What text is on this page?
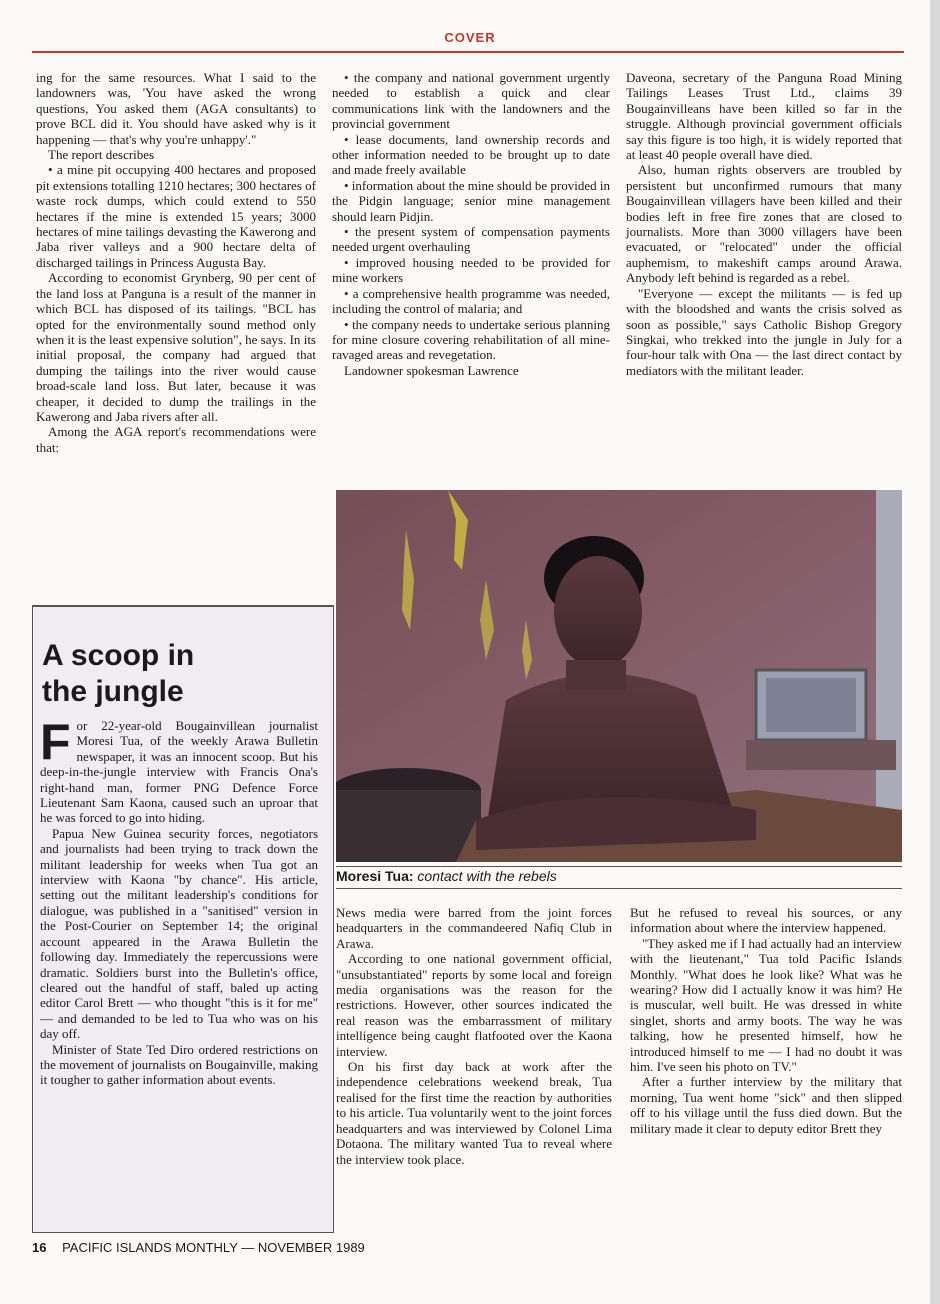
COVER

ing for the same resources. What I said to the landowners was, 'You have asked the wrong questions, You asked them (AGA consultants) to prove BCL did it. You should have asked why is it happening — that's why you're unhappy'."

The report describes

• a mine pit occupying 400 hectares and proposed pit extensions totalling 1210 hectares; 300 hectares of waste rock dumps, which could extend to 550 hectares if the mine is extended 15 years; 3000 hectares of mine tailings devasting the Kawerong and Jaba river valleys and a 900 hectare delta of discharged tailings in Princess Augusta Bay.

According to economist Grynberg, 90 per cent of the land loss at Panguna is a result of the manner in which BCL has disposed of its tailings. "BCL has opted for the environmentally sound method only when it is the least expensive solution", he says. In its initial proposal, the company had argued that dumping the tailings into the river would cause broad-scale land loss. But later, because it was cheaper, it decided to dump the trailings in the Kawerong and Jaba rivers after all.

Among the AGA report's recommendations were that:

• the company and national government urgently needed to establish a quick and clear communications link with the landowners and the provincial government

• lease documents, land ownership records and other information needed to be brought up to date and made freely available

• information about the mine should be provided in the Pidgin language; senior mine management should learn Pidjin.

• the present system of compensation payments needed urgent overhauling

• improved housing needed to be provided for mine workers

• a comprehensive health programme was needed, including the control of malaria; and

• the company needs to undertake serious planning for mine closure covering rehabilitation of all mine-ravaged areas and revegetation.

Landowner spokesman Lawrence

Daveona, secretary of the Panguna Road Mining Tailings Leases Trust Ltd., claims 39 Bougainvilleans have been killed so far in the struggle. Although provincial government officials say this figure is too high, it is widely reported that at least 40 people overall have died.

Also, human rights observers are troubled by persistent but unconfirmed rumours that many Bougainvillean villagers have been killed and their bodies left in free fire zones that are closed to journalists. More than 3000 villagers have been evacuated, or "relocated" under the official auphemism, to makeshift camps around Arawa. Anybody left behind is regarded as a rebel.

"Everyone — except the militants — is fed up with the bloodshed and wants the crisis solved as soon as possible," says Catholic Bishop Gregory Singkai, who trekked into the jungle in July for a four-hour talk with Ona — the last direct contact by mediators with the militant leader.

A scoop in
the jungle

For 22-year-old Bougainvillean journalist Moresi Tua, of the weekly Arawa Bulletin newspaper, it was an innocent scoop. But his deep-in-the-jungle interview with Francis Ona's right-hand man, former PNG Defence Force Lieutenant Sam Kaona, caused such an uproar that he was forced to go into hiding.

Papua New Guinea security forces, negotiators and journalists had been trying to track down the militant leadership for weeks when Tua got an interview with Kaona "by chance". His article, setting out the militant leadership's conditions for dialogue, was published in a "sanitised" version in the Post-Courier on September 14; the original account appeared in the Arawa Bulletin the following day. Immediately the repercussions were dramatic. Soldiers burst into the Bulletin's office, cleared out the handful of staff, baled up acting editor Carol Brett — who thought "this is it for me" — and demanded to be led to Tua who was on his day off.

Minister of State Ted Diro ordered restrictions on the movement of journalists on Bougainville, making it tougher to gather information about events.

Moresi Tua: contact with the rebels

News media were barred from the joint forces headquarters in the commandeered Nafiq Club in Arawa.

According to one national government official, "unsubstantiated" reports by some local and foreign media organisations was the reason for the restrictions. However, other sources indicated the real reason was the embarrassment of military intelligence being caught flatfooted over the Kaona interview.

On his first day back at work after the independence celebrations weekend break, Tua realised for the first time the reaction by authorities to his article. Tua voluntarily went to the joint forces headquarters and was interviewed by Colonel Lima Dotaona. The military wanted Tua to reveal where the interview took place.

But he refused to reveal his sources, or any information about where the interview happened.

"They asked me if I had actually had an interview with the lieutenant," Tua told Pacific Islands Monthly. "What does he look like? What was he wearing? How did I actually know it was him? He is muscular, well built. He was dressed in white singlet, shorts and army boots. The way he was talking, how he presented himself, how he introduced himself to me — I had no doubt it was him. I've seen his photo on TV."

After a further interview by the military that morning, Tua went home "sick" and then slipped off to his village until the fuss died down. But the military made it clear to deputy editor Brett they

16 PACIFIC ISLANDS MONTHLY — NOVEMBER 1989
